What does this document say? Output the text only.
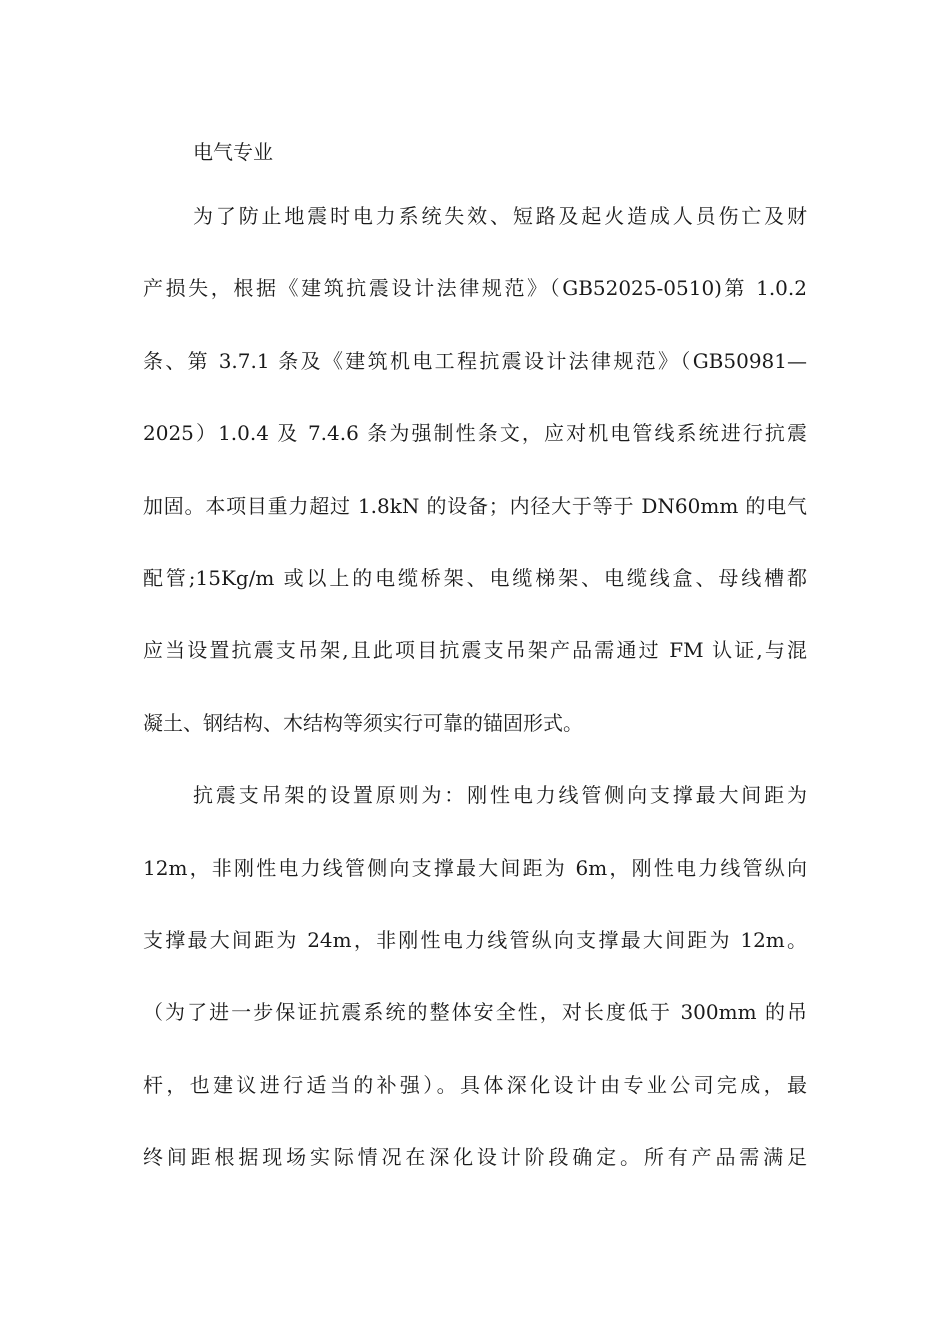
电气专业
为了防止地震时电力系统失效、短路及起火造成人员伤亡及财
产损失，根据《建筑抗震设计法律规范》（GB52025-0510)第 1.0.2
条、第 3.7.1 条及《建筑机电工程抗震设计法律规范》（GB50981—
2025）1.0.4 及 7.4.6 条为强制性条文，应对机电管线系统进行抗震
加固。本项目重力超过 1.8kN 的设备；内径大于等于 DN60mm 的电气
配管;15Kg/m 或以上的电缆桥架、电缆梯架、电缆线盒、母线槽都
应当设置抗震支吊架,且此项目抗震支吊架产品需通过 FM 认证,与混
凝土、钢结构、木结构等须实行可靠的锚固形式。
抗震支吊架的设置原则为：刚性电力线管侧向支撑最大间距为
12m，非刚性电力线管侧向支撑最大间距为 6m，刚性电力线管纵向
支撑最大间距为 24m，非刚性电力线管纵向支撑最大间距为 12m。
（为了进一步保证抗震系统的整体安全性，对长度低于 300mm 的吊
杆，也建议进行适当的补强）。具体深化设计由专业公司完成，最
终间距根据现场实际情况在深化设计阶段确定。所有产品需满足
